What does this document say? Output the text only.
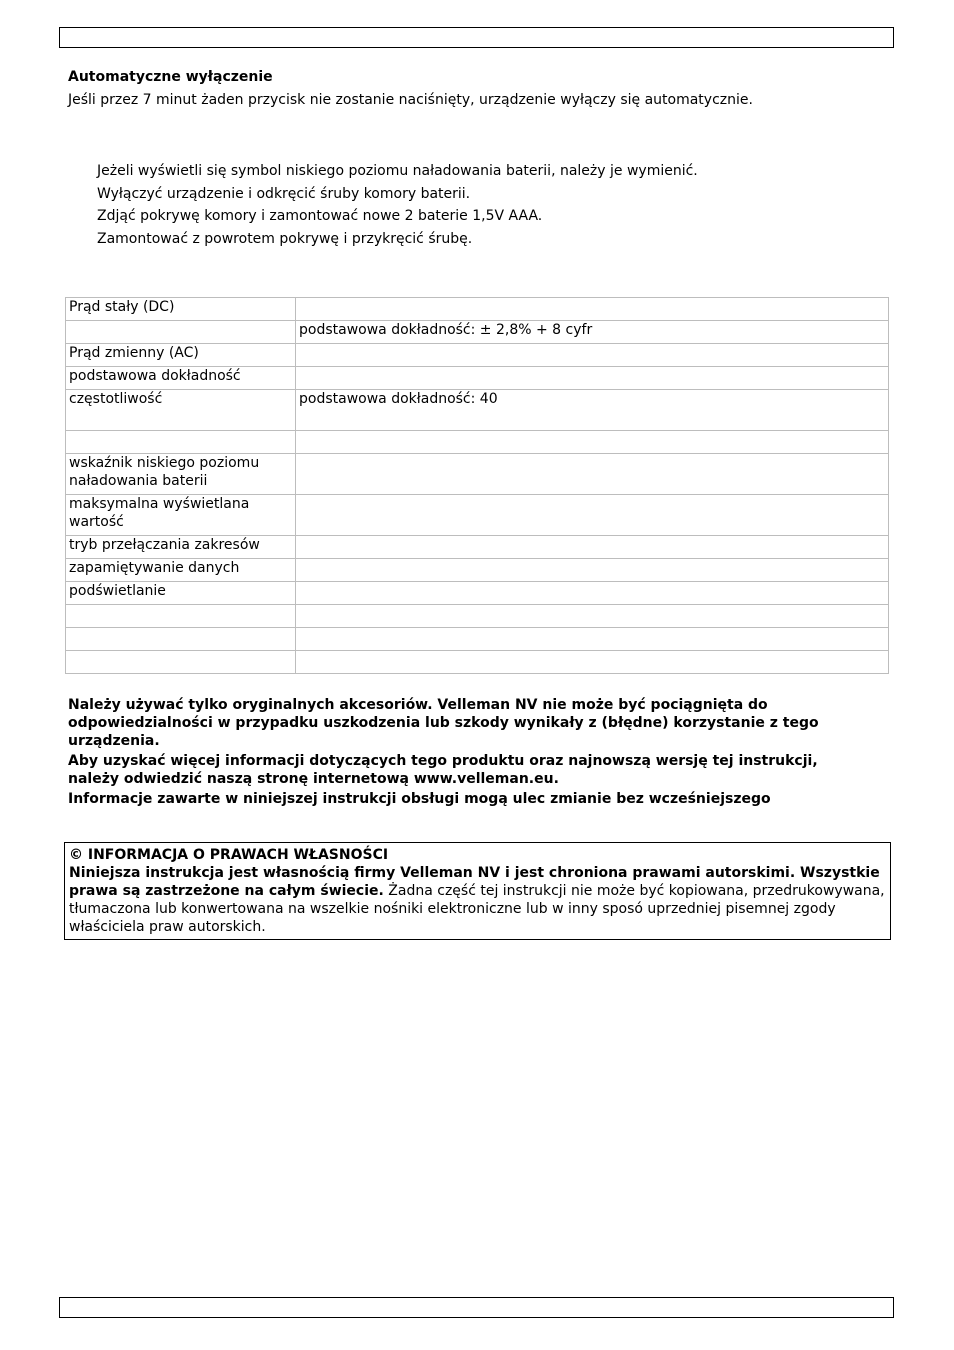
Automatyczne wyłączenie
Jeśli przez 7 minut żaden przycisk nie zostanie naciśnięty, urządzenie wyłączy się automatycznie.
Jeżeli wyświetli się symbol niskiego poziomu naładowania baterii, należy je wymienić.
Wyłączyć urządzenie i odkręcić śruby komory baterii.
Zdjąć pokrywę komory i zamontować nowe 2 baterie 1,5V AAA.
Zamontować z powrotem pokrywę i przykręcić śrubę.
Prąd stały (DC)	
	podstawowa dokładność: ± 2,8% + 8 cyfr
Prąd zmienny (AC)	
podstawowa dokładność	
częstotliwość	podstawowa dokładność: 40

wskaźnik niskiego poziomu naładowania baterii	
maksymalna wyświetlana wartość	
tryb przełączania zakresów	
zapamiętywanie danych	
podświetlanie	

Należy używać tylko oryginalnych akcesoriów. Velleman NV nie może być pociągnięta do odpowiedzialności w przypadku uszkodzenia lub szkody wynikały z (błędne) korzystanie z tego urządzenia.

Aby uzyskać więcej informacji dotyczących tego produktu oraz najnowszą wersję tej instrukcji, należy odwiedzić naszą stronę internetową www.velleman.eu.

Informacje zawarte w niniejszej instrukcji obsługi mogą ulec zmianie bez wcześniejszego

© INFORMACJA O PRAWACH WŁASNOŚCI

Niniejsza instrukcja jest własnością firmy Velleman NV i jest chroniona prawami autorskimi. Wszystkie prawa są zastrzeżone na całym świecie. Żadna część tej instrukcji nie może być kopiowana, przedrukowywana, tłumaczona lub konwertowana na wszelkie nośniki elektroniczne lub w inny sposó uprzedniej pisemnej zgody właściciela praw autorskich.
